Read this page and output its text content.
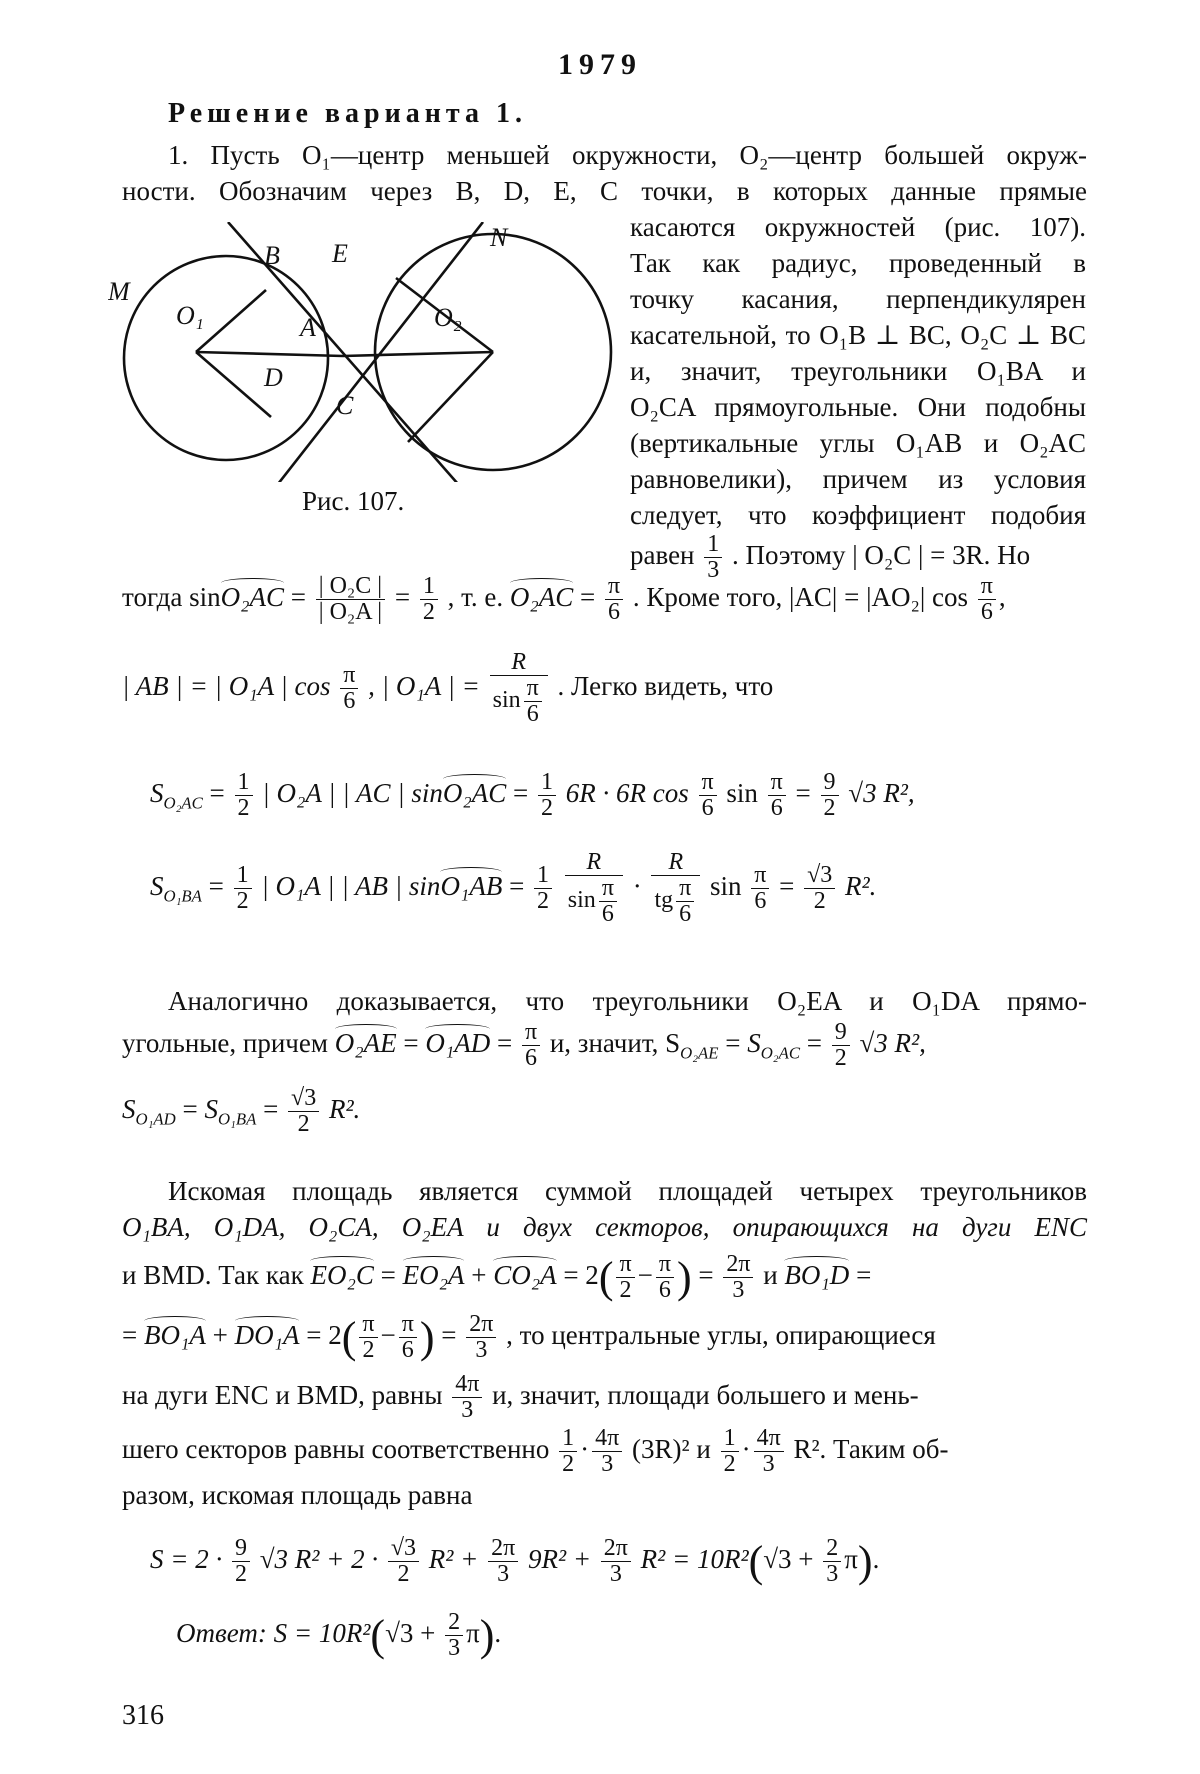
1979
Решение варианта 1.
1. Пусть O₁—центр меньшей окружности, O₂—центр большей окруж-
ности. Обозначим через B, D, E, C точки, в которых данные прямые
M
N
B E
A
D
C
O₁	O₂
Рис. 107.
касаются окружностей (рис. 107).
Так как радиус, проведенный в
точку касания, перпендикулярен
касательной, то O₁B ⊥ BC, O₂C ⊥ BC
и, значит, треугольники O₁BA и
O₂CA прямоугольные. Они подобны
(вертикальные углы O₁AB и O₂AC
равновелики), причем из условия
следует, что коэффициент подобия
равен $\frac{1}{3}$ . Поэтому | O₂C | = 3R. Но
тогда $\sin O_2AC = \frac{\text{| O₂C |}}{\text{| O₂A |}} = \frac{1}{2}$ , т. е. $O_2AC = \frac{\pi}{6}$ . Кроме того, |AC| = |AO₂| $\cos \frac{\pi}{6}$ ,
| AB | = | O₁A | $\cos \frac{\pi}{6}$ , | O₁A | = $\frac{R}{\sin \frac{\pi}{6}}$ . Легко видеть, что
$S_{O_2AC} = \frac{1}{2}$ | O₂A | | AC | $\sin O_2AC = \frac{1}{2} 6R \cdot 6R$ $\cos \frac{\pi}{6}$ $\sin \frac{\pi}{6} = \frac{9}{2} √3$ R²,
$S_{O_1BA} = \frac{1}{2}$ | O₁A | | AB | $\sin O_1AB = \frac{1}{2}$
$\frac{R}{\sin \frac{\pi}{6}} \cdot \frac{R}{tg \frac{\pi}{6}}$ $\sin \frac{\pi}{6} = \frac{√3}{2} R^2$.
Аналогично доказывается, что треугольники O₂EA и O₁DA прямо-
угольные, причем $O_2AE = O_1AD = \frac{\pi}{6} и$, значит, $S_{O_2AE} = S_{O_2AC} = \frac{9}{2} √3$ R²,
$S_{O_1AD} = S_{O_1BA} = \frac{√3}{2} R^2$.
Искомая площадь является суммой площадей четырех треугольников
O₁BA, O₁DA, O₂CA, O₂EA и двух секторов, опирающихся на дуги ENC
и BMD. Так как $EO_2C = EO_2A + CO_2A = 2( \frac{\pi}{2} - \frac{\pi}{6}$ ) = $\frac{2\pi}{3}$ и BO₁D =
= $BO_1A + DO_1A = 2( \frac{\pi}{2} - \frac{\pi}{6}$ ) = $\frac{2\pi}{3}$ , то центральные углы, опирающиеся
на дуги ENC и BMD, равны $\frac{4\pi}{3} и$, значит, площади большего и мень-
шего секторов равны соответственно $\frac{1}{2} \cdot \frac{4\pi}{3} (3R)^2$ и $\frac{1}{2} \cdot \frac{4\pi}{3} R^2$. Таким об-
разом, искомая площадь равна
$S = 2 \cdot \frac{9}{2} √3$ $R^2 + 2 \cdot \frac{√3}{2} R^2 + \frac{2\pi}{3} 9R^2 + \frac{2\pi}{3} R^2 = 10R^2(√3 + \frac{2}{3} \pi)$.
Ответ: $S = 10R^2(√3 + \frac{2}{3} \pi)$.
316
